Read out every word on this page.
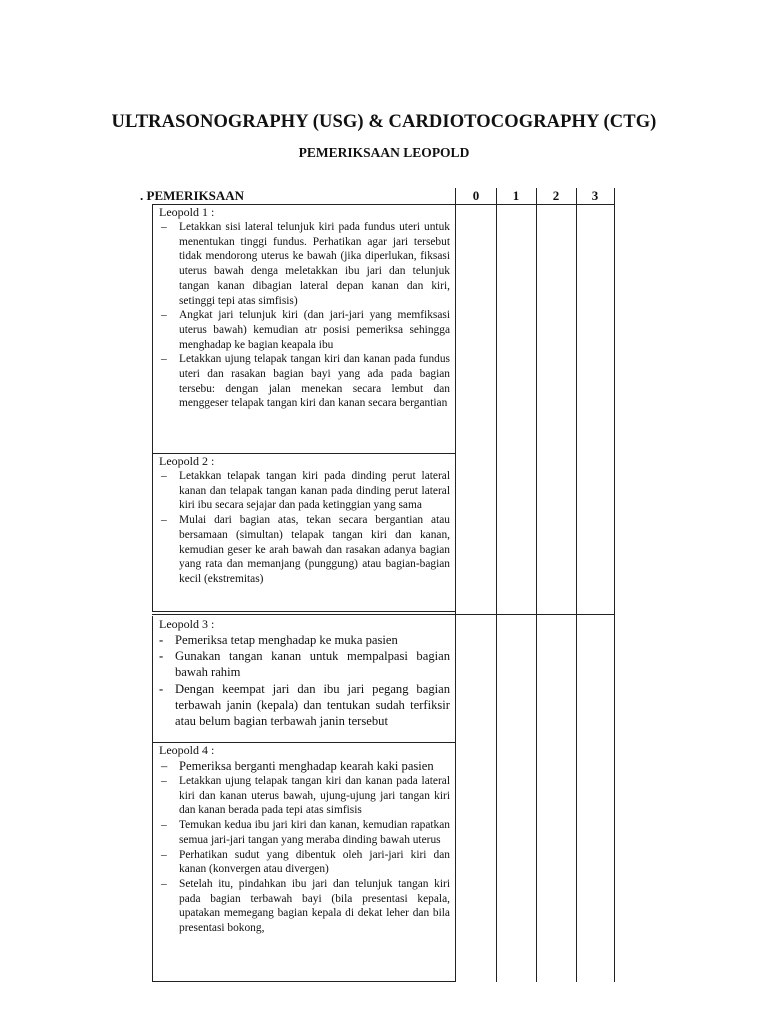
ULTRASONOGRAPHY (USG) & CARDIOTOCOGRAPHY (CTG)
PEMERIKSAAN LEOPOLD
. PEMERIKSAAN	0	1	2	3
Leopold 1 :
– Letakkan sisi lateral telunjuk kiri pada fundus uteri untuk menentukan tinggi fundus. Perhatikan agar jari tersebut tidak mendorong uterus ke bawah (jika diperlukan, fiksasi uterus bawah denga meletakkan ibu jari dan telunjuk tangan kanan dibagian lateral depan kanan dan kiri, setinggi tepi atas simfisis)
– Angkat jari telunjuk kiri (dan jari-jari yang memfiksasi uterus bawah) kemudian atr posisi pemeriksa sehingga menghadap ke bagian keapala ibu
– Letakkan ujung telapak tangan kiri dan kanan pada fundus uteri dan rasakan bagian bayi yang ada pada bagian tersebu: dengan jalan menekan secara lembut dan menggeser telapak tangan kiri dan kanan secara bergantian
Leopold 2 :
– Letakkan telapak tangan kiri pada dinding perut lateral kanan dan telapak tangan kanan pada dinding perut lateral kiri ibu secara sejajar dan pada ketinggian yang sama
– Mulai dari bagian atas, tekan secara bergantian atau bersamaan (simultan) telapak tangan kiri dan kanan, kemudian geser ke arah bawah dan rasakan adanya bagian yang rata dan memanjang (punggung) atau bagian-bagian kecil (ekstremitas)
Leopold 3 :
- Pemeriksa tetap menghadap ke muka pasien
- Gunakan tangan kanan untuk mempalpasi bagian bawah rahim
- Dengan keempat jari dan ibu jari pegang bagian terbawah janin (kepala) dan tentukan sudah terfiksir atau belum bagian terbawah janin tersebut
Leopold 4 :
– Pemeriksa berganti menghadap kearah kaki pasien
– Letakkan ujung telapak tangan kiri dan kanan pada lateral kiri dan kanan uterus bawah, ujung-ujung jari tangan kiri dan kanan berada pada tepi atas simfisis
– Temukan kedua ibu jari kiri dan kanan, kemudian rapatkan semua jari-jari tangan yang meraba dinding bawah uterus
– Perhatikan sudut yang dibentuk oleh jari-jari kiri dan kanan (konvergen atau divergen)
– Setelah itu, pindahkan ibu jari dan telunjuk tangan kiri pada bagian terbawah bayi (bila presentasi kepala, upatakan memegang bagian kepala di dekat leher dan bila presentasi bokong,
